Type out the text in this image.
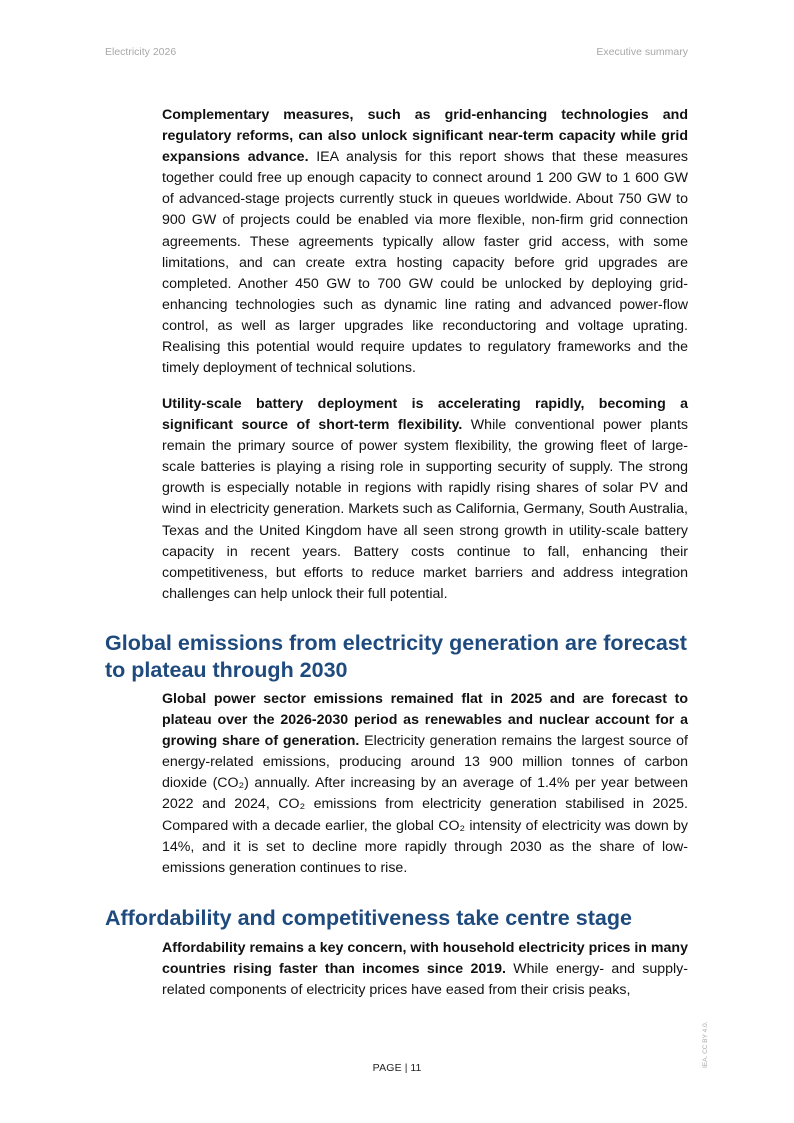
Electricity 2026	Executive summary

Complementary measures, such as grid-enhancing technologies and regulatory reforms, can also unlock significant near-term capacity while grid expansions advance. IEA analysis for this report shows that these measures together could free up enough capacity to connect around 1 200 GW to 1 600 GW of advanced-stage projects currently stuck in queues worldwide. About 750 GW to 900 GW of projects could be enabled via more flexible, non-firm grid connection agreements. These agreements typically allow faster grid access, with some limitations, and can create extra hosting capacity before grid upgrades are completed. Another 450 GW to 700 GW could be unlocked by deploying grid-enhancing technologies such as dynamic line rating and advanced power-flow control, as well as larger upgrades like reconductoring and voltage uprating. Realising this potential would require updates to regulatory frameworks and the timely deployment of technical solutions.

Utility-scale battery deployment is accelerating rapidly, becoming a significant source of short-term flexibility. While conventional power plants remain the primary source of power system flexibility, the growing fleet of large-scale batteries is playing a rising role in supporting security of supply. The strong growth is especially notable in regions with rapidly rising shares of solar PV and wind in electricity generation. Markets such as California, Germany, South Australia, Texas and the United Kingdom have all seen strong growth in utility-scale battery capacity in recent years. Battery costs continue to fall, enhancing their competitiveness, but efforts to reduce market barriers and address integration challenges can help unlock their full potential.

Global emissions from electricity generation are forecast to plateau through 2030

Global power sector emissions remained flat in 2025 and are forecast to plateau over the 2026-2030 period as renewables and nuclear account for a growing share of generation. Electricity generation remains the largest source of energy-related emissions, producing around 13 900 million tonnes of carbon dioxide (CO₂) annually. After increasing by an average of 1.4% per year between 2022 and 2024, CO₂ emissions from electricity generation stabilised in 2025. Compared with a decade earlier, the global CO₂ intensity of electricity was down by 14%, and it is set to decline more rapidly through 2030 as the share of low-emissions generation continues to rise.

Affordability and competitiveness take centre stage

Affordability remains a key concern, with household electricity prices in many countries rising faster than incomes since 2019. While energy- and supply-related components of electricity prices have eased from their crisis peaks,

PAGE | 11	IEA. CC BY 4.0.
